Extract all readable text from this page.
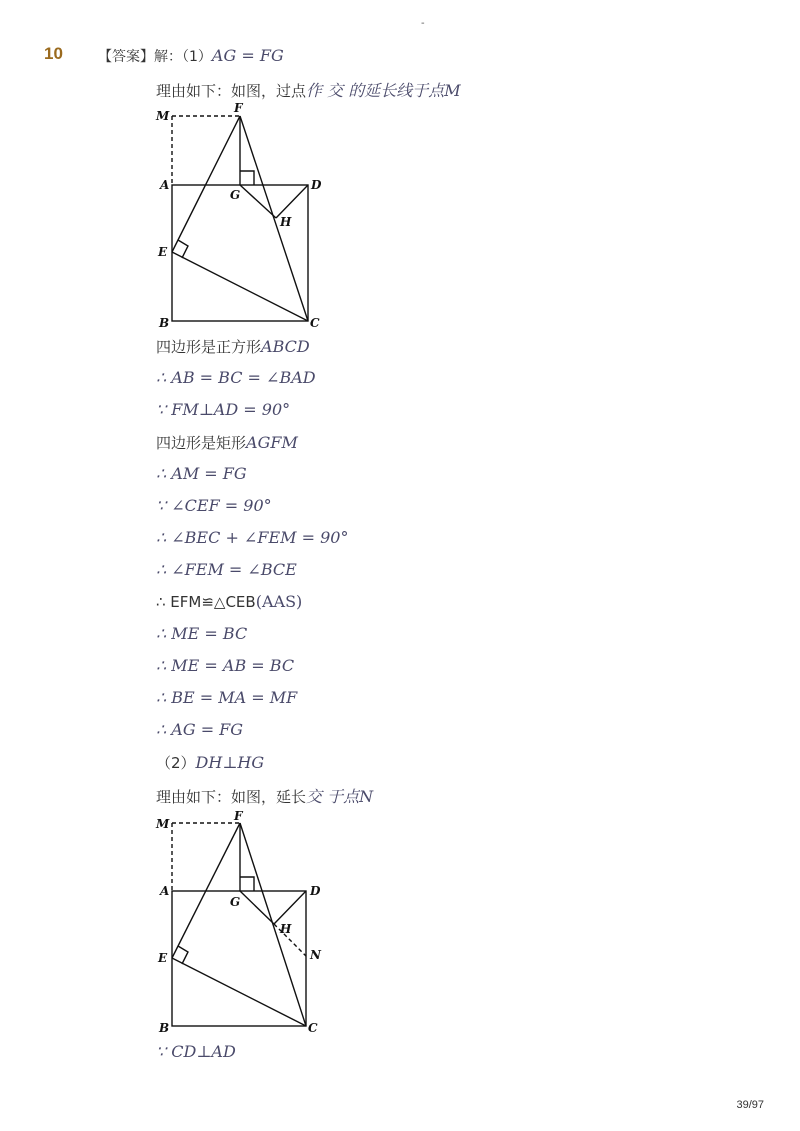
-
10	【答案】解：（1）AG = FG
理由如下：如图，过点作 交 的延长线于点M
M
F
A
G
D
H
E
B	C
四边形是正方形ABCD
∴ AB = BC = ∠BAD
∵ FM⊥AD = 90°
四边形是矩形AGFM
∴ AM = FG
∵ ∠CEF = 90°
∴ ∠BEC + ∠FEM = 90°
∴ ∠FEM = ∠BCE
∴ EFM≌△CEB(AAS)
∴ ME = BC
∴ ME = AB = BC
∴ BE = MA = MF
∴ AG = FG
（2）DH⊥HG
理由如下：如图，延长交 于点N
M
F
A
G
D
H
E	N
B	C
∵ CD⊥AD
39/97
